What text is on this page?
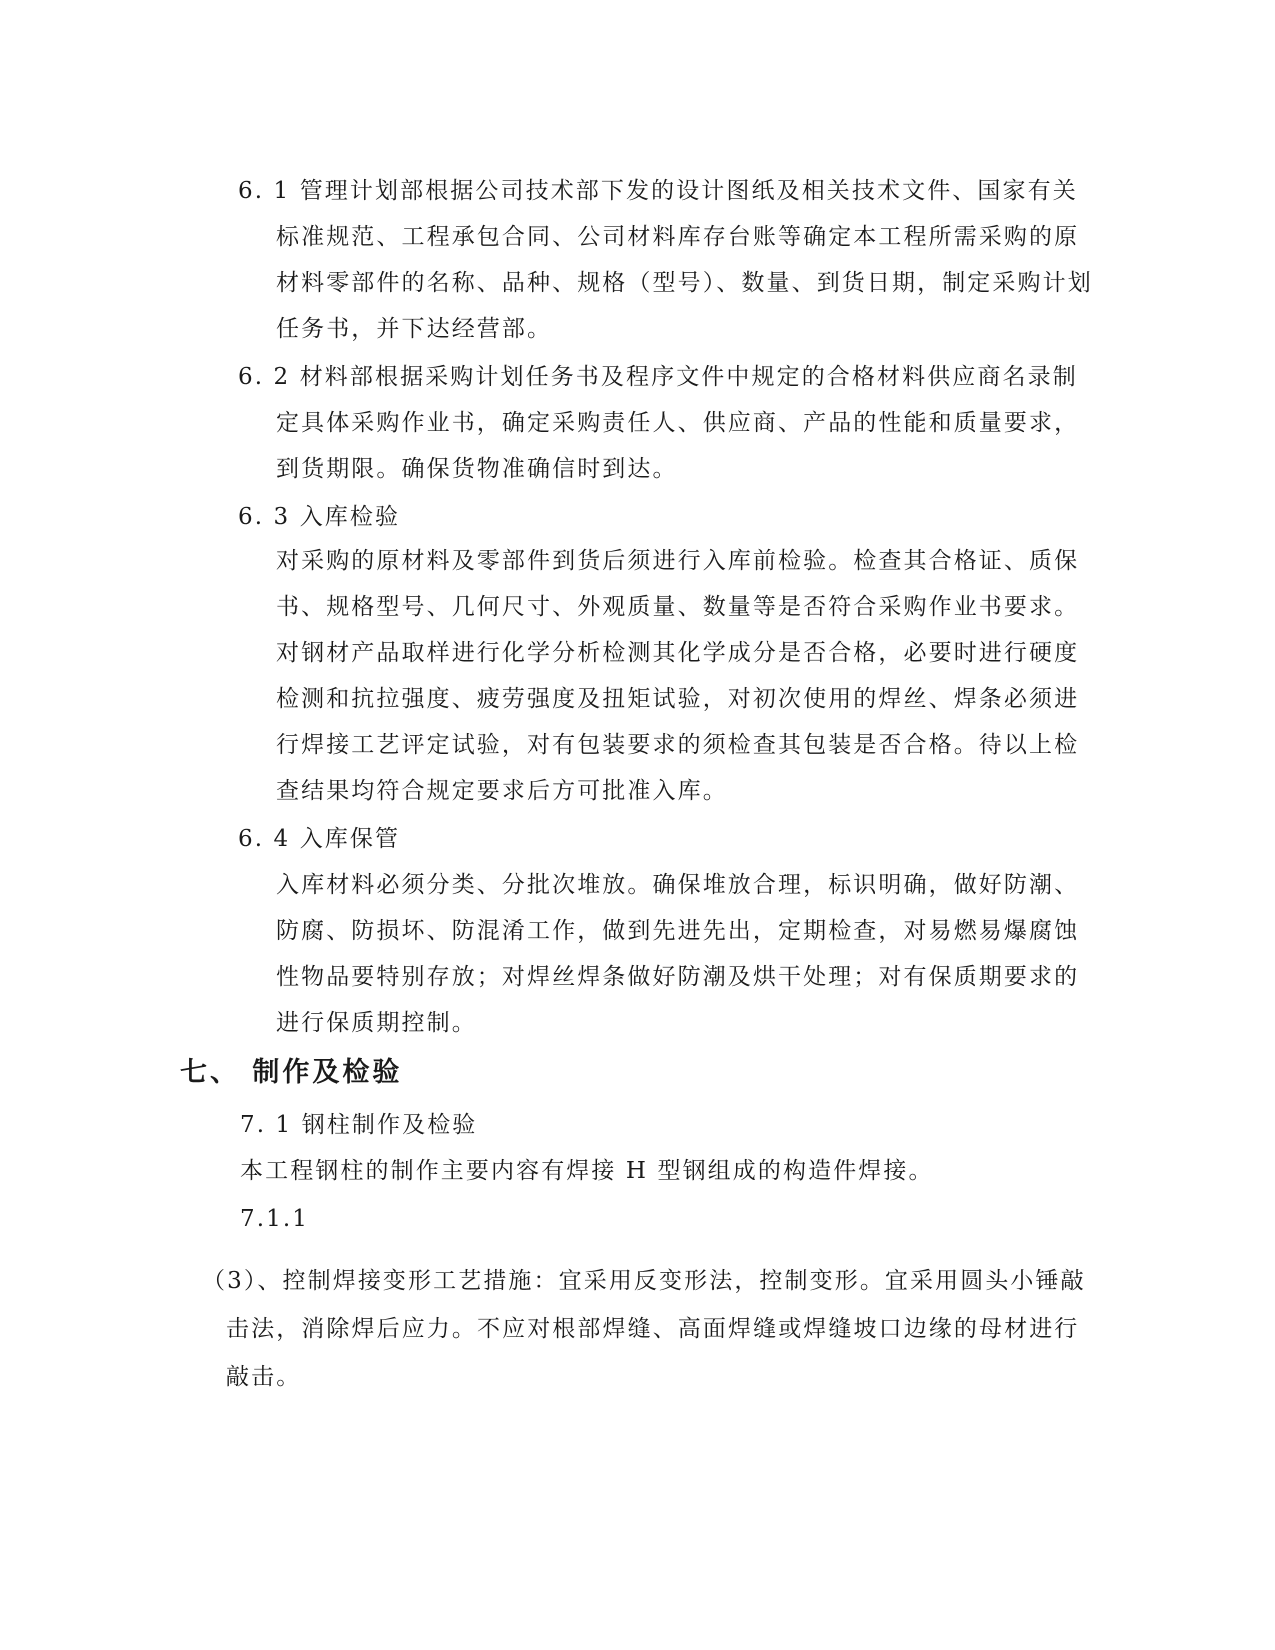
6. 1 管理计划部根据公司技术部下发的设计图纸及相关技术文件、国家有关
标准规范、工程承包合同、公司材料库存台账等确定本工程所需采购的原
材料零部件的名称、品种、规格（型号）、数量、到货日期，制定采购计划
任务书，并下达经营部。
6. 2 材料部根据采购计划任务书及程序文件中规定的合格材料供应商名录制
定具体采购作业书，确定采购责任人、供应商、产品的性能和质量要求，
到货期限。确保货物准确信时到达。
6. 3 入库检验
对采购的原材料及零部件到货后须进行入库前检验。检查其合格证、质保
书、规格型号、几何尺寸、外观质量、数量等是否符合采购作业书要求。
对钢材产品取样进行化学分析检测其化学成分是否合格，必要时进行硬度
检测和抗拉强度、疲劳强度及扭矩试验，对初次使用的焊丝、焊条必须进
行焊接工艺评定试验，对有包装要求的须检查其包装是否合格。待以上检
查结果均符合规定要求后方可批准入库。
6. 4 入库保管
入库材料必须分类、分批次堆放。确保堆放合理，标识明确，做好防潮、
防腐、防损坏、防混淆工作，做到先进先出，定期检查，对易燃易爆腐蚀
性物品要特别存放；对焊丝焊条做好防潮及烘干处理；对有保质期要求的
进行保质期控制。
七、 制作及检验
7. 1 钢柱制作及检验
本工程钢柱的制作主要内容有焊接 H 型钢组成的构造件焊接。
7.1.1
（3）、控制焊接变形工艺措施：宜采用反变形法，控制变形。宜采用圆头小锤敲
击法，消除焊后应力。不应对根部焊缝、高面焊缝或焊缝坡口边缘的母材进行
敲击。
